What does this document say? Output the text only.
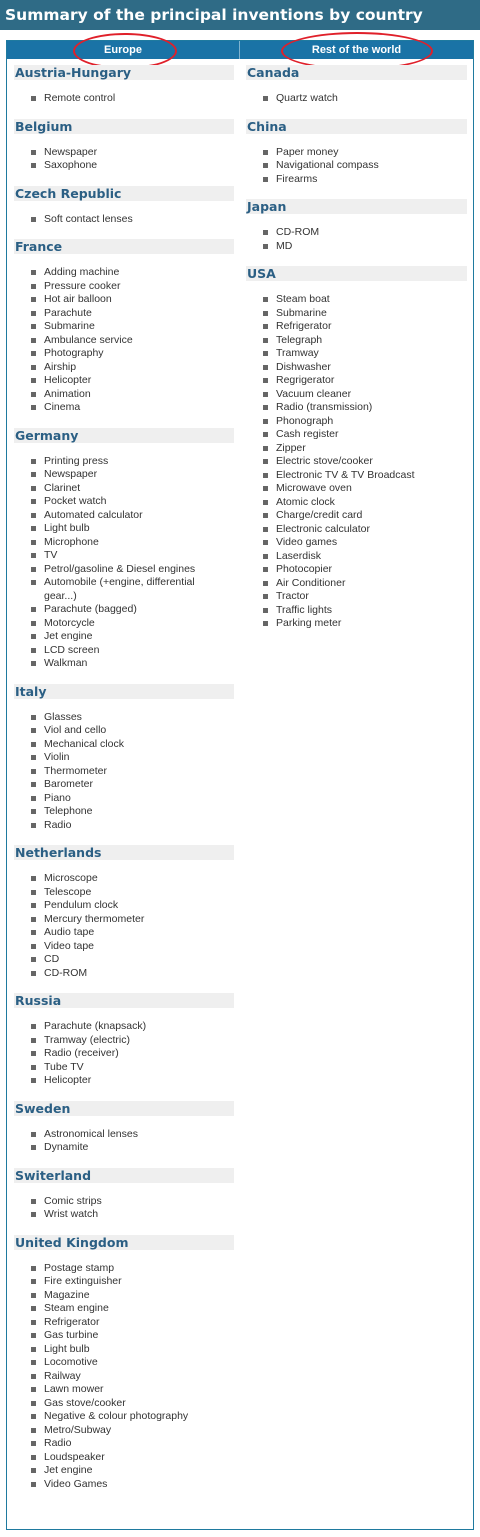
Summary of the principal inventions by country
Europe	Rest of the world
Austria-Hungary
Remote control
Belgium
Newspaper
Saxophone
Czech Republic
Soft contact lenses
France
Adding machine
Pressure cooker
Hot air balloon
Parachute
Submarine
Ambulance service
Photography
Airship
Helicopter
Animation
Cinema
Germany
Printing press
Newspaper
Clarinet
Pocket watch
Automated calculator
Light bulb
Microphone
TV
Petrol/gasoline & Diesel engines
Automobile (+engine, differential gear...)
Parachute (bagged)
Motorcycle
Jet engine
LCD screen
Walkman
Italy
Glasses
Viol and cello
Mechanical clock
Violin
Thermometer
Barometer
Piano
Telephone
Radio
Netherlands
Microscope
Telescope
Pendulum clock
Mercury thermometer
Audio tape
Video tape
CD
CD-ROM
Russia
Parachute (knapsack)
Tramway (electric)
Radio (receiver)
Tube TV
Helicopter
Sweden
Astronomical lenses
Dynamite
Switerland
Comic strips
Wrist watch
United Kingdom
Postage stamp
Fire extinguisher
Magazine
Steam engine
Refrigerator
Gas turbine
Light bulb
Locomotive
Railway
Lawn mower
Gas stove/cooker
Negative & colour photography
Metro/Subway
Radio
Loudspeaker
Jet engine
Video Games
Canada
Quartz watch
China
Paper money
Navigational compass
Firearms
Japan
CD-ROM
MD
USA
Steam boat
Submarine
Refrigerator
Telegraph
Tramway
Dishwasher
Regrigerator
Vacuum cleaner
Radio (transmission)
Phonograph
Cash register
Zipper
Electric stove/cooker
Electronic TV & TV Broadcast
Microwave oven
Atomic clock
Charge/credit card
Electronic calculator
Video games
Laserdisk
Photocopier
Air Conditioner
Tractor
Traffic lights
Parking meter
